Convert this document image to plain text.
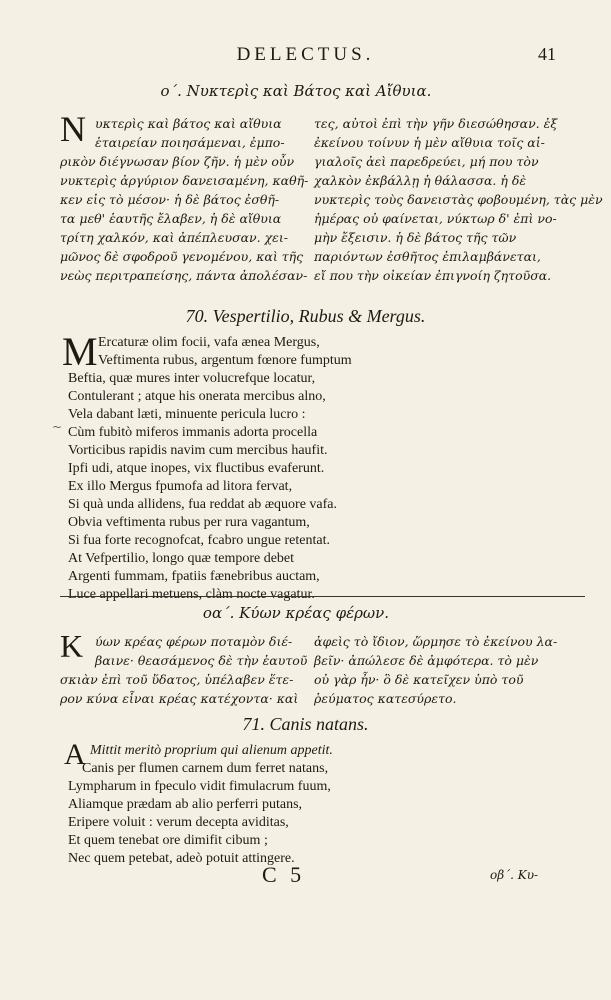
DELECTUS.	41
ο΄. Νυκτερὶς καὶ Βάτος καὶ Αἴθυια.
Ν υκτερὶς καὶ βάτος καὶ αἴθυια
ἑταιρείαν ποιησάμεναι, ἐμπο-
ρικὸν διέγνωσαν βίον ζῆν. ἡ μὲν οὖν
νυκτερὶς ἀργύριον δανεισαμένη, καθῆ-
κεν εἰς τὸ μέσον· ἡ δὲ βάτος ἐσθῆ-
τα μεθ' ἑαυτῆς ἔλαβεν, ἡ δὲ αἴθυια
τρίτη χαλκόν, καὶ ἀπέπλευσαν. χει-
μῶνος δὲ σφοδροῦ γενομένου, καὶ τῆς
νεὼς περιτραπείσης, πάντα ἀπολέσαν-
τες, αὐτοὶ ἐπὶ τὴν γῆν διεσώθησαν. ἐξ
ἐκείνου τοίνυν ἡ μὲν αἴθυια τοῖς αἰ-
γιαλοῖς ἀεὶ παρεδρεύει, μή που τὸν
χαλκὸν ἐκβάλλῃ ἡ θάλασσα. ἡ δὲ
νυκτερὶς τοὺς δανειστὰς φοβουμένη, τὰς μὲν
ἡμέρας οὐ φαίνεται, νύκτωρ δ' ἐπὶ νο-
μὴν ἔξεισιν. ἡ δὲ βάτος τῆς τῶν
παριόντων ἐσθῆτος ἐπιλαμβάνεται,
εἴ που τὴν οἰκείαν ἐπιγνοίη ζητοῦσα.
70. Vespertilio, Rubus & Mergus.
M Ercaturæ olim focii, vafa ænea Mergus,
Veftimenta rubus, argentum fœnore fumptum
Beftia, quæ mures inter volucrefque locatur,
Contulerant ; atque his onerata mercibus alno,
Vela dabant læti, minuente pericula lucro :
Cùm fubitò miferos immanis adorta procella
Vorticibus rapidis navim cum mercibus haufit.
Ipfi udi, atque inopes, vix fluctibus evaferunt.
Ex illo Mergus fpumofa ad litora fervat,
Si quà unda allidens, fua reddat ab æquore vafa.
Obvia veftimenta rubus per rura vagantum,
Si fua forte recognofcat, fcabro ungue retentat.
At Vefpertilio, longo quæ tempore debet
Argenti fummam, fpatiis fænebribus auctam,
Luce appellari metuens, clàm nocte vagatur.
~
οα΄. Κύων κρέας φέρων.
Κ ύων κρέας φέρων ποταμὸν διέ-
βαινε· θεασάμενος δὲ τὴν ἑαυτοῦ
σκιὰν ἐπὶ τοῦ ὕδατος, ὑπέλαβεν ἕτε-
ρον κύνα εἶναι κρέας κατέχοντα· καὶ
ἀφεὶς τὸ ἴδιον, ὥρμησε τὸ ἐκείνου λα-
βεῖν· ἀπώλεσε δὲ ἀμφότερα. τὸ μὲν
οὐ γὰρ ἦν· ὃ δὲ κατεῖχεν ὑπὸ τοῦ
ῥεύματος κατεσύρετο.
71. Canis natans.
A Mittit meritò proprium qui alienum appetit.
Canis per flumen carnem dum ferret natans,
Lympharum in fpeculo vidit fimulacrum fuum,
Aliamque prædam ab alio perferri putans,
Eripere voluit : verum decepta aviditas,
Et quem tenebat ore dimifit cibum ;
Nec quem petebat, adeò potuit attingere.
C 5	οβ΄. Κυ-
